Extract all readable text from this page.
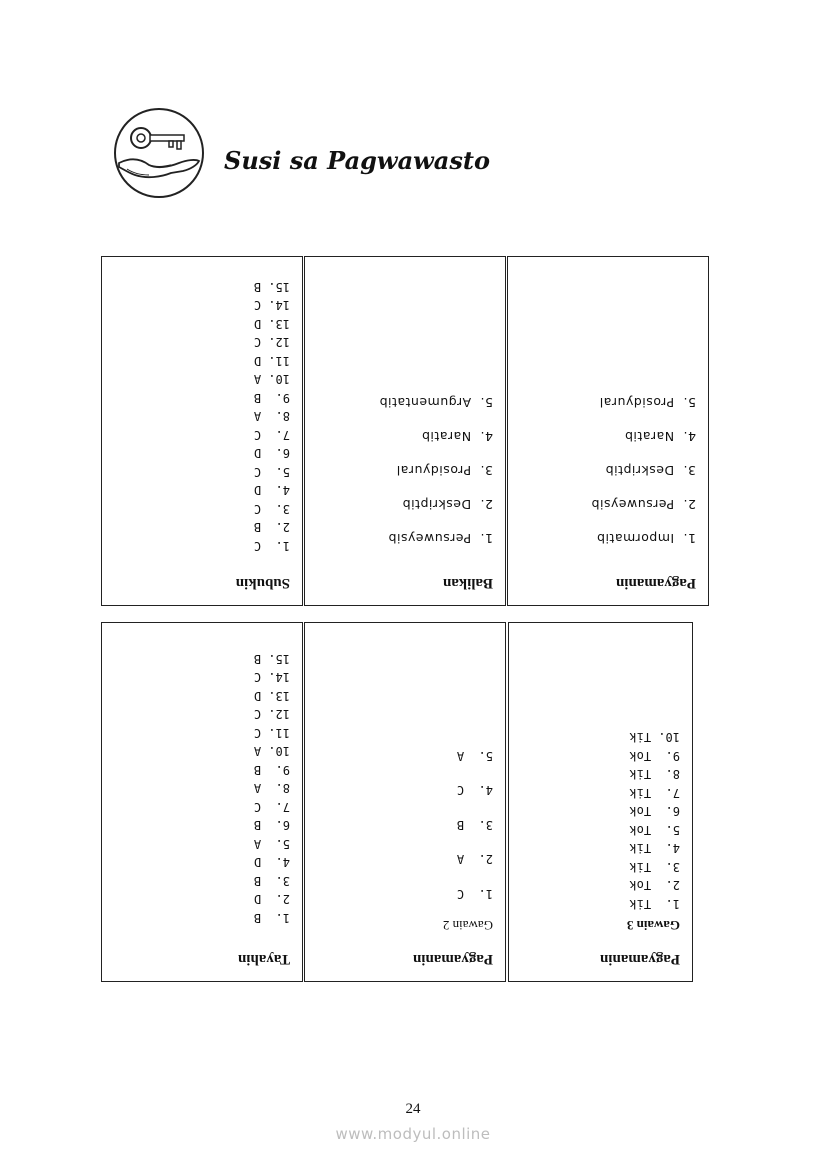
Susi sa Pagwawasto
Pagyamanin
1.  Impormatib
2.  Persuweysib
3.  Deskriptib
4.  Naratib
5.  Prosidyural
Balikan
1.  Persuweysib
2.  Deskriptib
3.  Prosidyural
4.  Naratib
5.  Argumentatib
Subukin
1.  C
2.  B
3.  C
4.  D
5.  C
6.  D
7.  C
8.  A
9.  B
10. A
11. D
12. C
13. D
14. C
15. B
Pagyamanin
Gawain 3
1.  Tik
2.  Tok
3.  Tik
4.  Tik
5.  Tok
6.  Tok
7.  Tik
8.  Tik
9.  Tok
10. Tik
Pagyamanin
Gawain 2
1.  C
2.  A
3.  B
4.  C
5.  A
Tayahin
1.  B
2.  D
3.  B
4.  D
5.  A
6.  B
7.  C
8.  A
9.  B
10. A
11. C
12. C
13. D
14. C
15. B
24
www.modyul.online
